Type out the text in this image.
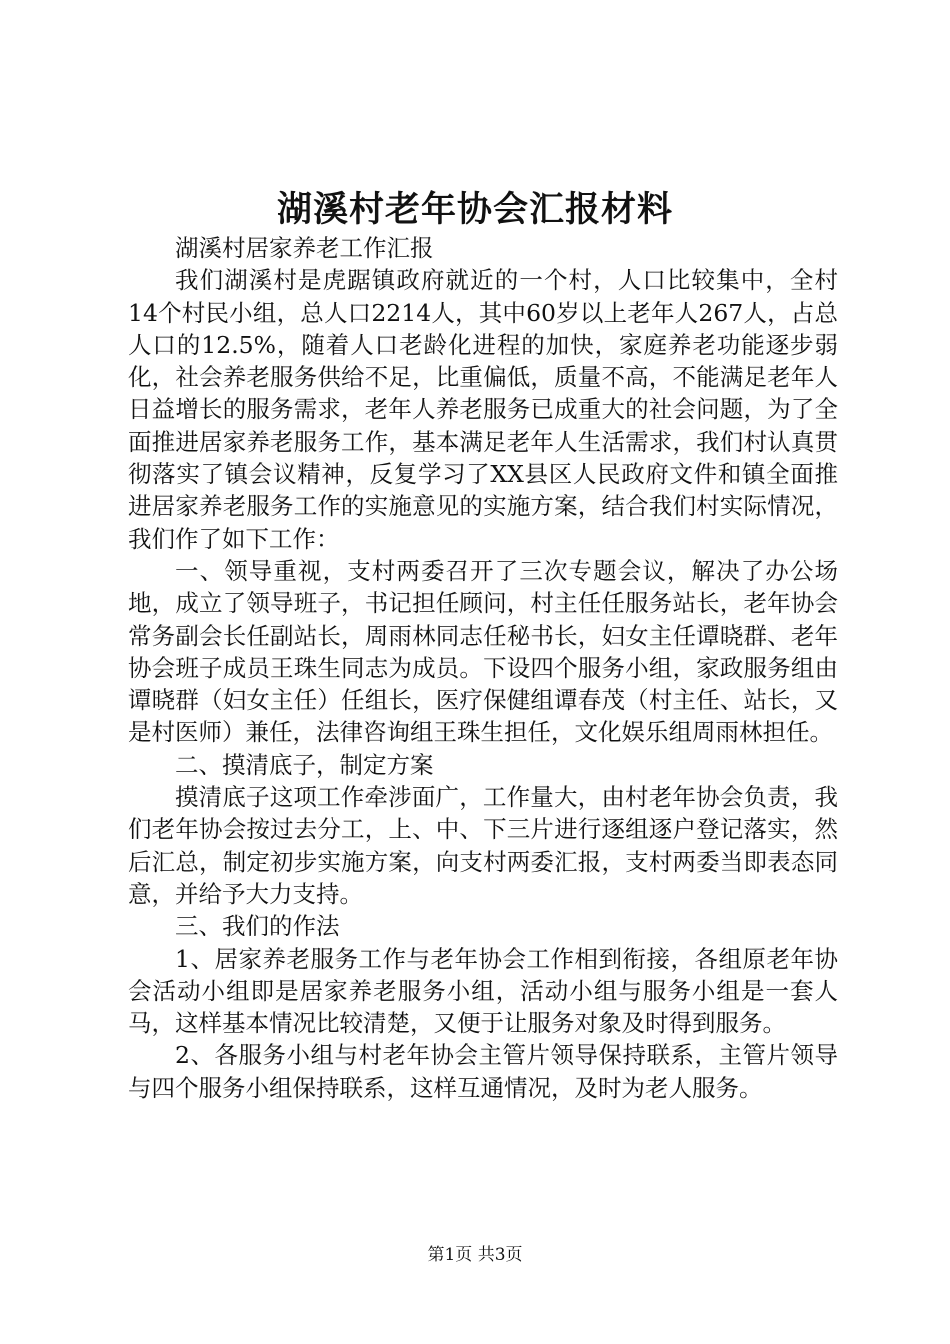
湖溪村老年协会汇报材料

湖溪村居家养老工作汇报

我们湖溪村是虎踞镇政府就近的一个村，人口比较集中，全村14个村民小组，总人口2214人，其中60岁以上老年人267人，占总人口的12.5%，随着人口老龄化进程的加快，家庭养老功能逐步弱化，社会养老服务供给不足，比重偏低，质量不高，不能满足老年人日益增长的服务需求，老年人养老服务已成重大的社会问题，为了全面推进居家养老服务工作，基本满足老年人生活需求，我们村认真贯彻落实了镇会议精神，反复学习了XX县区人民政府文件和镇全面推进居家养老服务工作的实施意见的实施方案，结合我们村实际情况，我们作了如下工作：

一、领导重视，支村两委召开了三次专题会议，解决了办公场地，成立了领导班子，书记担任顾问，村主任任服务站长，老年协会常务副会长任副站长，周雨林同志任秘书长，妇女主任谭晓群、老年协会班子成员王珠生同志为成员。下设四个服务小组，家政服务组由谭晓群（妇女主任）任组长，医疗保健组谭春茂（村主任、站长，又是村医师）兼任，法律咨询组王珠生担任，文化娱乐组周雨林担任。

二、摸清底子，制定方案

摸清底子这项工作牵涉面广，工作量大，由村老年协会负责，我们老年协会按过去分工，上、中、下三片进行逐组逐户登记落实，然后汇总，制定初步实施方案，向支村两委汇报，支村两委当即表态同意，并给予大力支持。

三、我们的作法

1、居家养老服务工作与老年协会工作相到衔接，各组原老年协会活动小组即是居家养老服务小组，活动小组与服务小组是一套人马，这样基本情况比较清楚，又便于让服务对象及时得到服务。

2、各服务小组与村老年协会主管片领导保持联系，主管片领导与四个服务小组保持联系，这样互通情况，及时为老人服务。

第1页 共3页
